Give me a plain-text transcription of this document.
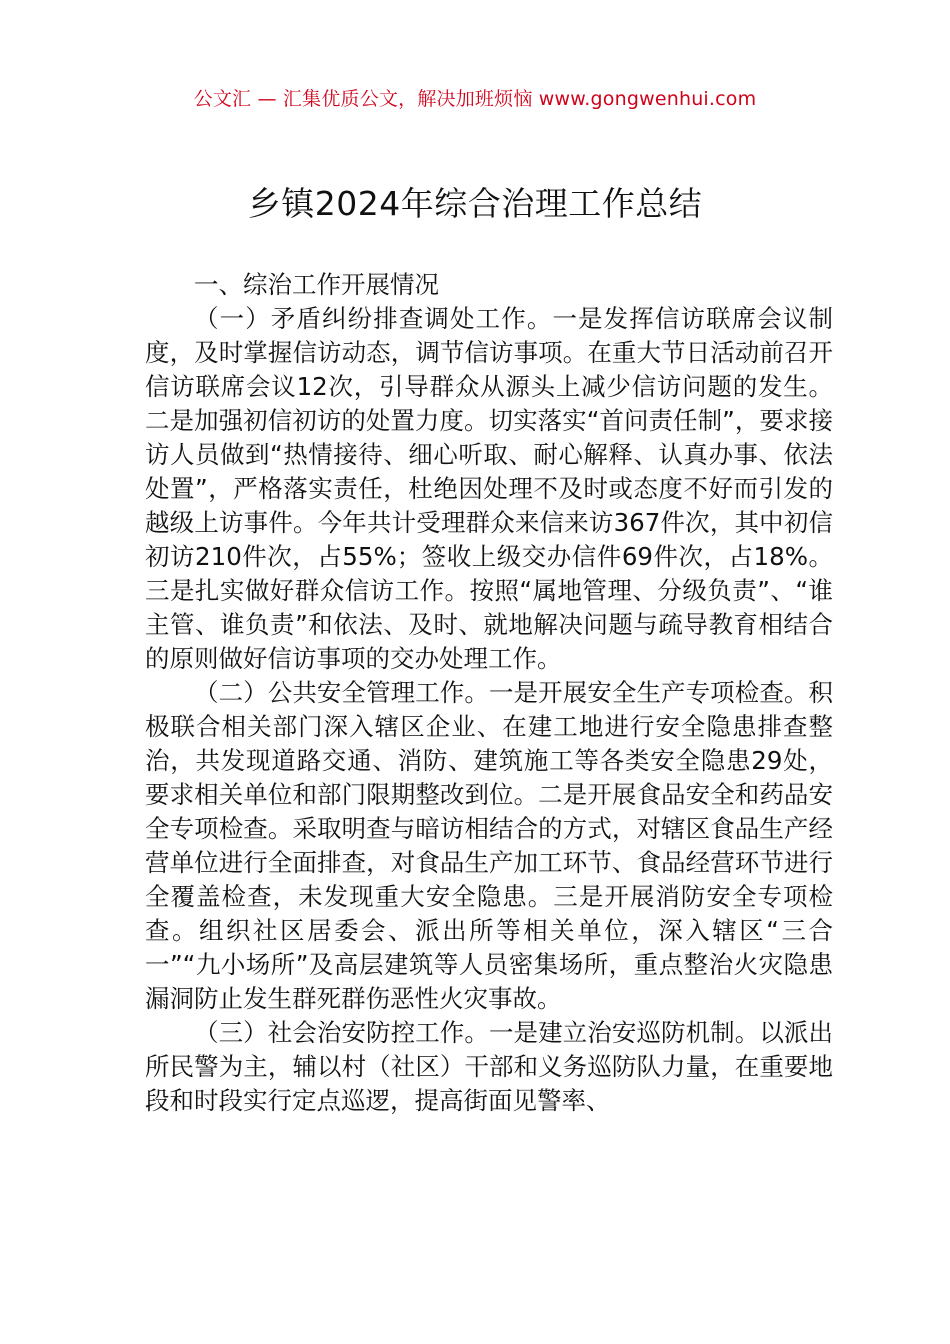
公文汇 — 汇集优质公文，解决加班烦恼 www.gongwenhui.com
乡镇2024年综合治理工作总结

一、综治工作开展情况

（一）矛盾纠纷排查调处工作。一是发挥信访联席会议制度，及时掌握信访动态，调节信访事项。在重大节日活动前召开信访联席会议12次，引导群众从源头上减少信访问题的发生。二是加强初信初访的处置力度。切实落实“首问责任制”，要求接访人员做到“热情接待、细心听取、耐心解释、认真办事、依法处置”，严格落实责任，杜绝因处理不及时或态度不好而引发的越级上访事件。今年共计受理群众来信来访367件次，其中初信初访210件次，占55%；签收上级交办信件69件次，占18%。三是扎实做好群众信访工作。按照“属地管理、分级负责”、“谁主管、谁负责”和依法、及时、就地解决问题与疏导教育相结合的原则做好信访事项的交办处理工作。

（二）公共安全管理工作。一是开展安全生产专项检查。积极联合相关部门深入辖区企业、在建工地进行安全隐患排查整治，共发现道路交通、消防、建筑施工等各类安全隐患29处，要求相关单位和部门限期整改到位。二是开展食品安全和药品安全专项检查。采取明查与暗访相结合的方式，对辖区食品生产经营单位进行全面排查，对食品生产加工环节、食品经营环节进行全覆盖检查，未发现重大安全隐患。三是开展消防安全专项检查。组织社区居委会、派出所等相关单位，深入辖区“三合一”“九小场所”及高层建筑等人员密集场所，重点整治火灾隐患漏洞防止发生群死群伤恶性火灾事故。

（三）社会治安防控工作。一是建立治安巡防机制。以派出所民警为主，辅以村（社区）干部和义务巡防队力量，在重要地段和时段实行定点巡逻，提高街面见警率、
